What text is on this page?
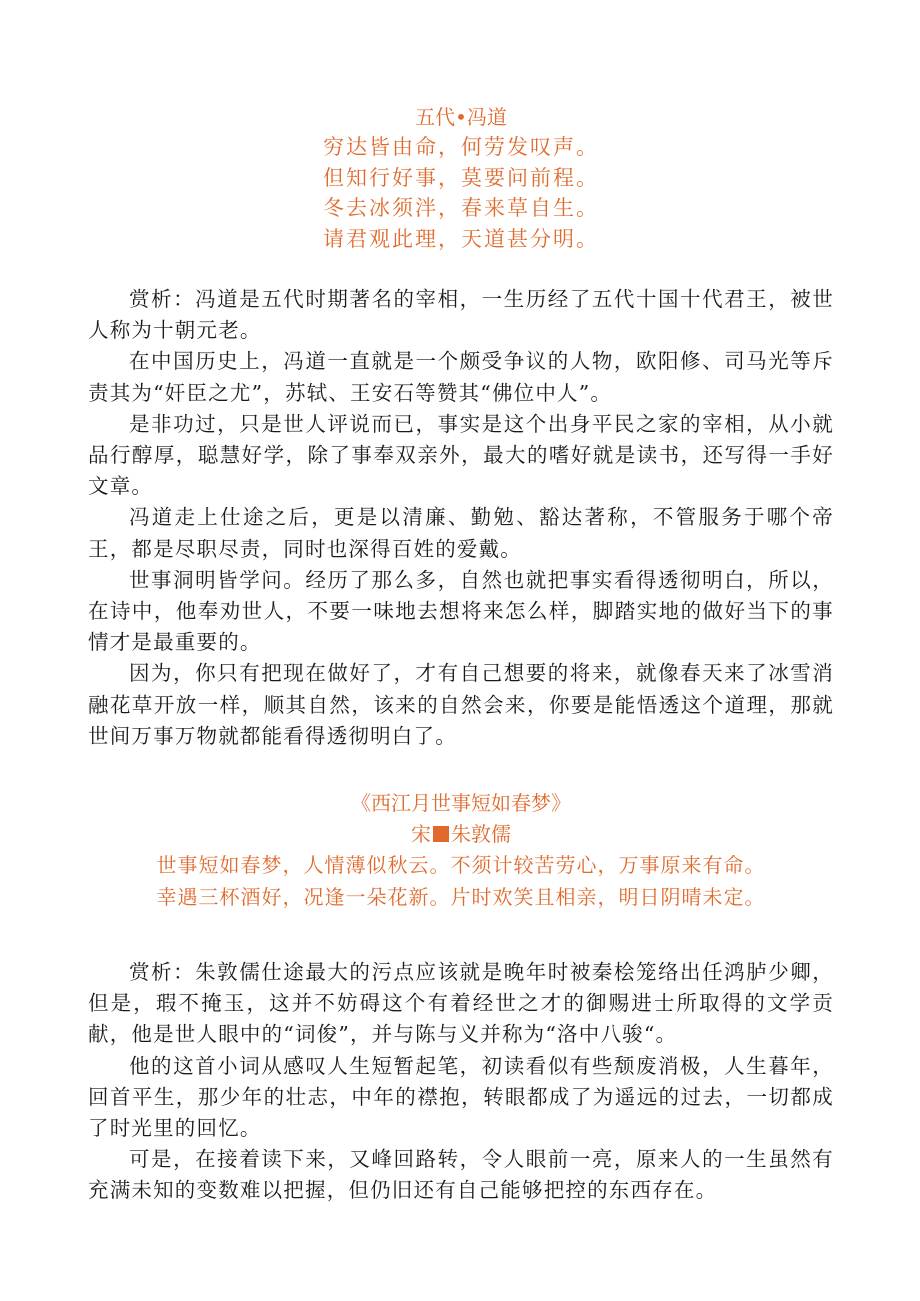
五代•冯道
穷达皆由命，何劳发叹声。
但知行好事，莫要问前程。
冬去冰须泮，春来草自生。
请君观此理，天道甚分明。

赏析：冯道是五代时期著名的宰相，一生历经了五代十国十代君王，被世人称为十朝元老。

在中国历史上，冯道一直就是一个颇受争议的人物，欧阳修、司马光等斥责其为“奸臣之尤”，苏轼、王安石等赞其“佛位中人”。

是非功过，只是世人评说而已，事实是这个出身平民之家的宰相，从小就品行醇厚，聪慧好学，除了事奉双亲外，最大的嗜好就是读书，还写得一手好文章。

冯道走上仕途之后，更是以清廉、勤勉、豁达著称，不管服务于哪个帝王，都是尽职尽责，同时也深得百姓的爱戴。

世事洞明皆学问。经历了那么多，自然也就把事实看得透彻明白，所以，在诗中，他奉劝世人，不要一味地去想将来怎么样，脚踏实地的做好当下的事情才是最重要的。

因为，你只有把现在做好了，才有自己想要的将来，就像春天来了冰雪消融花草开放一样，顺其自然，该来的自然会来，你要是能悟透这个道理，那就世间万事万物就都能看得透彻明白了。

《西江月世事短如春梦》
宋 朱敦儒
世事短如春梦，人情薄似秋云。不须计较苦劳心，万事原来有命。
幸遇三杯酒好，况逢一朵花新。片时欢笑且相亲，明日阴晴未定。

赏析：朱敦儒仕途最大的污点应该就是晚年时被秦桧笼络出任鸿胪少卿，但是，瑕不掩玉，这并不妨碍这个有着经世之才的御赐进士所取得的文学贡献，他是世人眼中的“词俊”，并与陈与义并称为“洛中八骏“。

他的这首小词从感叹人生短暂起笔，初读看似有些颓废消极，人生暮年，回首平生，那少年的壮志，中年的襟抱，转眼都成了为遥远的过去，一切都成了时光里的回忆。

可是，在接着读下来，又峰回路转，令人眼前一亮，原来人的一生虽然有充满未知的变数难以把握，但仍旧还有自己能够把控的东西存在。
